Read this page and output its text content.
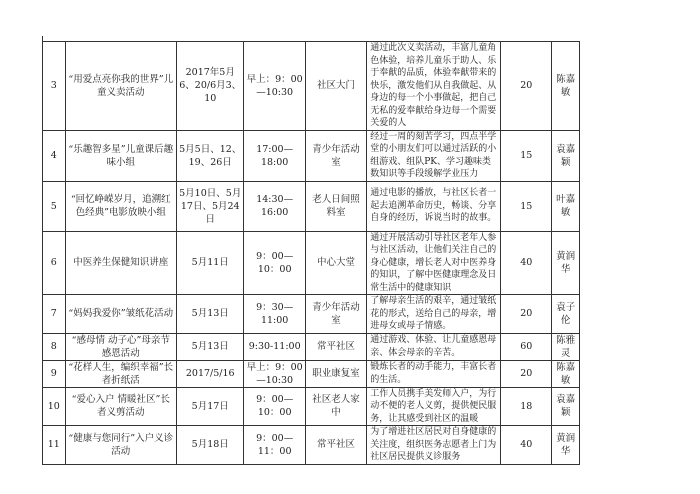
3	“用爱点亮你我的世界”儿童义卖活动	2017年5月6、20/6月3、10	早上：9：00—10:30	社区大门	通过此次义卖活动，丰富儿童角色体验，培养儿童乐于助人、乐于奉献的品质，体验奉献带来的快乐，激发他们从自我做起、从身边的每一个小事做起，把自己无私的爱奉献给身边每一个需要关爱的人	20	陈嘉敏
4	“乐趣智多星”儿童课后趣味小组	5月5日、12、19、26日	17:00—18:00	青少年活动室	经过一周的刻苦学习，四点半学堂的小朋友们可以通过活跃的小组游戏、组队PK、学习趣味类数知识等手段缓解学业压力	15	袁嘉颖
5	“回忆峥嵘岁月，追溯红色经典”电影放映小组	5月10日、5月17日、5月24日	14:30—16:00	老人日间照料室	通过电影的播放，与社区长者一起去追溯革命历史，畅谈、分享自身的经历，诉说当时的故事。	15	叶嘉敏
6	中医养生保健知识讲座	5月11日	9：00—10：00	中心大堂	通过开展活动引导社区老年人参与社区活动，让他们关注自己的身心健康，增长老人对中医养身的知识，了解中医健康理念及日常生活中的健康知识	40	黄润华
7	“妈妈我爱你”皱纸花活动	5月13日	9：30—11:00	青少年活动室	了解母亲生活的艰辛，通过皱纸花的形式，送给自己的母亲，增进母女或母子情感。	20	袁子伦
8	“感母情 动子心”母亲节感恩活动	5月13日	9:30-11:00	常平社区	通过游戏、体验、让儿童感恩母亲、体会母亲的辛苦。	60	陈雅灵
9	“花样人生，编织幸福”长者折纸活	2017/5/16	早上：9：00—10:30	职业康复室	锻炼长者的动手能力，丰富长者的生活。	20	陈嘉敏
10	“爱心入户 情暖社区”长者义剪活动	5月17日	9：00—10：00	社区老人家中	工作人员携手美发师入户，为行动不便的老人义剪，提供便民服务，让其感受到社区的温暖	18	袁嘉颖
11	“健康与您同行”入户义诊活动	5月18日	9：00—11：00	常平社区	为了增进社区居民对自身健康的关注度，组织医务志愿者上门为社区居民提供义诊服务	40	黄润华
